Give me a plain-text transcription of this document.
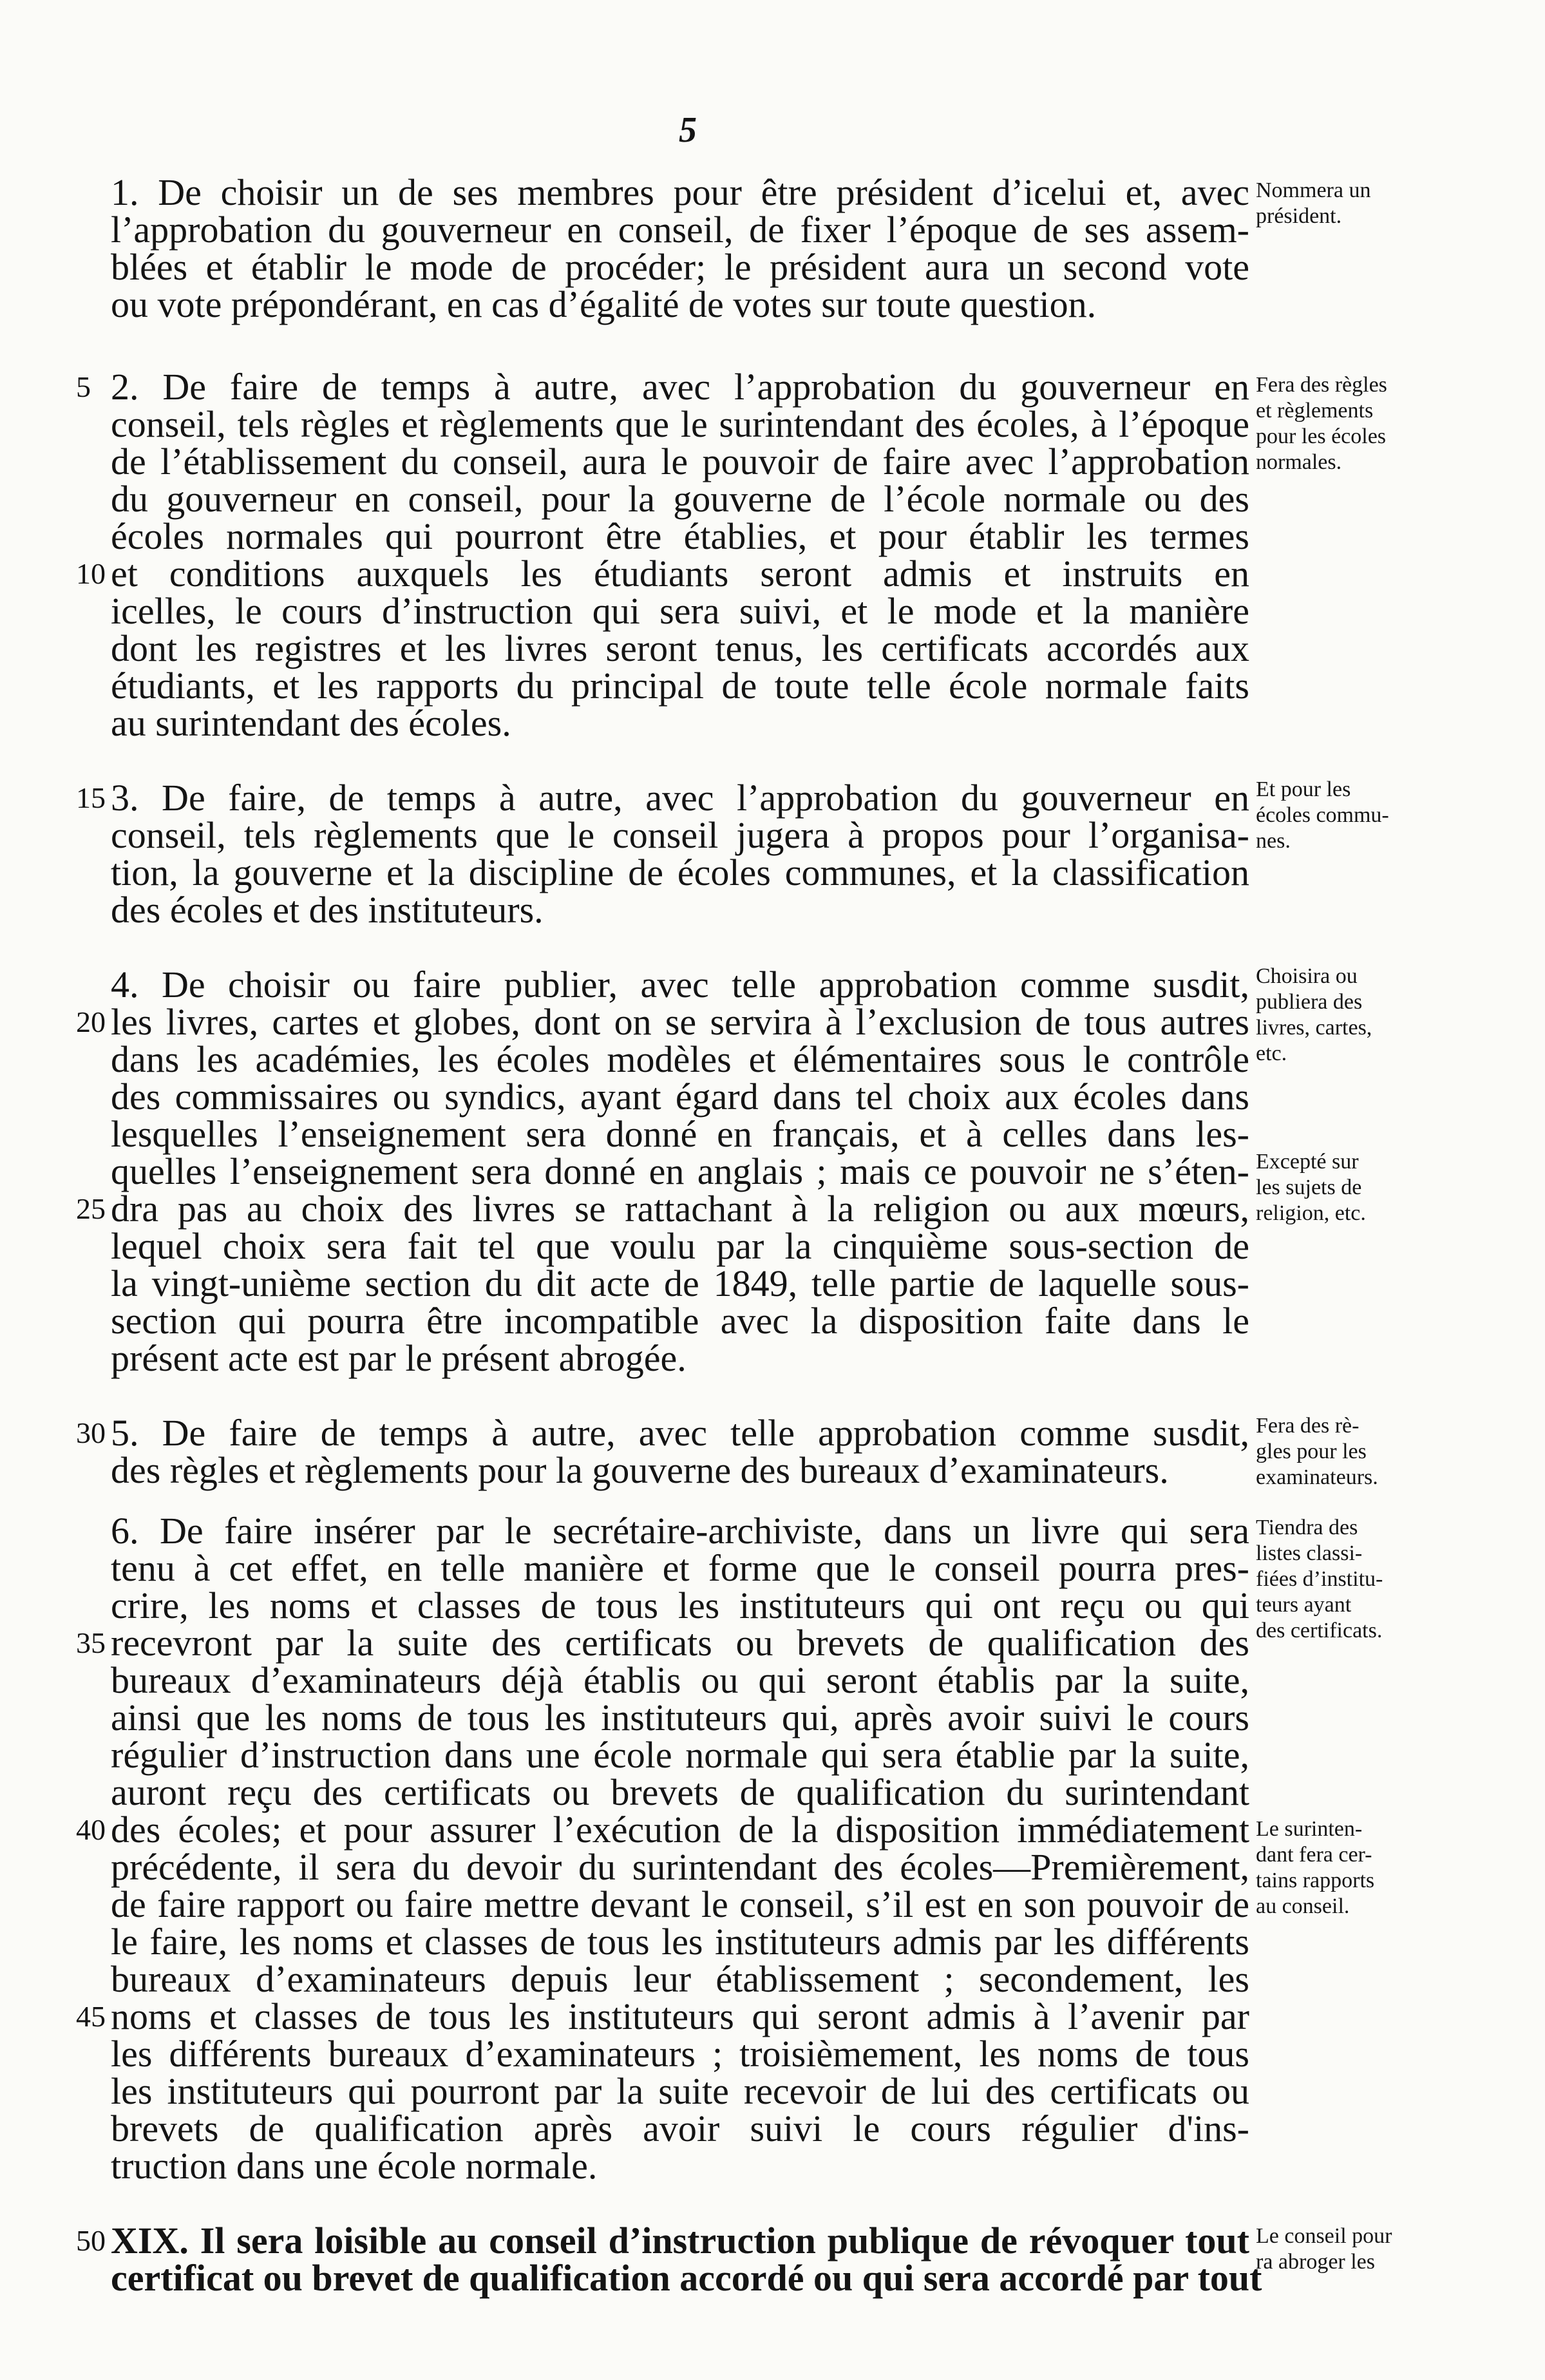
5
1. De choisir un de ses membres pour être président d’icelui et, avec
l’approbation du gouverneur en conseil, de fixer l’époque de ses assem-
blées et établir le mode de procéder; le président aura un second vote
ou vote prépondérant, en cas d’égalité de votes sur toute question.
2. De faire de temps à autre, avec l’approbation du gouverneur en
5
conseil, tels règles et règlements que le surintendant des écoles, à l’époque
de l’établissement du conseil, aura le pouvoir de faire avec l’approbation
du gouverneur en conseil, pour la gouverne de l’école normale ou des
écoles normales qui pourront être établies, et pour établir les termes
et conditions auxquels les étudiants seront admis et instruits en
10
icelles, le cours d’instruction qui sera suivi, et le mode et la manière
dont les registres et les livres seront tenus, les certificats accordés aux
étudiants, et les rapports du principal de toute telle école normale faits
au surintendant des écoles.
3. De faire, de temps à autre, avec l’approbation du gouverneur en
15
conseil, tels règlements que le conseil jugera à propos pour l’organisa-
tion, la gouverne et la discipline de écoles communes, et la classification
des écoles et des instituteurs.
4. De choisir ou faire publier, avec telle approbation comme susdit,
les livres, cartes et globes, dont on se servira à l’exclusion de tous autres
20
dans les académies, les écoles modèles et élémentaires sous le contrôle
des commissaires ou syndics, ayant égard dans tel choix aux écoles dans
lesquelles l’enseignement sera donné en français, et à celles dans les-
quelles l’enseignement sera donné en anglais ; mais ce pouvoir ne s’éten-
dra pas au choix des livres se rattachant à la religion ou aux mœurs,
25
lequel choix sera fait tel que voulu par la cinquième sous-section de
la vingt-unième section du dit acte de 1849, telle partie de laquelle sous-
section qui pourra être incompatible avec la disposition faite dans le
présent acte est par le présent abrogée.
5. De faire de temps à autre, avec telle approbation comme susdit,
30
des règles et règlements pour la gouverne des bureaux d’examinateurs.
6. De faire insérer par le secrétaire-archiviste, dans un livre qui sera
tenu à cet effet, en telle manière et forme que le conseil pourra pres-
crire, les noms et classes de tous les instituteurs qui ont reçu ou qui
recevront par la suite des certificats ou brevets de qualification des
35
bureaux d’examinateurs déjà établis ou qui seront établis par la suite,
ainsi que les noms de tous les instituteurs qui, après avoir suivi le cours
régulier d’instruction dans une école normale qui sera établie par la suite,
auront reçu des certificats ou brevets de qualification du surintendant
des écoles; et pour assurer l’exécution de la disposition immédiatement
40
précédente, il sera du devoir du surintendant des écoles—Premièrement,
de faire rapport ou faire mettre devant le conseil, s’il est en son pouvoir de
le faire, les noms et classes de tous les instituteurs admis par les différents
bureaux d’examinateurs depuis leur établissement ; secondement, les
noms et classes de tous les instituteurs qui seront admis à l’avenir par
45
les différents bureaux d’examinateurs ; troisièmement, les noms de tous
les instituteurs qui pourront par la suite recevoir de lui des certificats ou
brevets de qualification après avoir suivi le cours régulier d'ins-
truction dans une école normale.
XIX. Il sera loisible au conseil d’instruction publique de révoquer tout
50
certificat ou brevet de qualification accordé ou qui sera accordé par tout
Nommera un
président.
Fera des règles
et règlements
pour les écoles
normales.
Et pour les
écoles commu-
nes.
Choisira ou
publiera des
livres, cartes,
etc.
Excepté sur
les sujets de
religion, etc.
Fera des rè-
gles pour les
examinateurs.
Tiendra des
listes classi-
fiées d’institu-
teurs ayant
des certificats.
Le surinten-
dant fera cer-
tains rapports
au conseil.
Le conseil pour
ra abroger les
